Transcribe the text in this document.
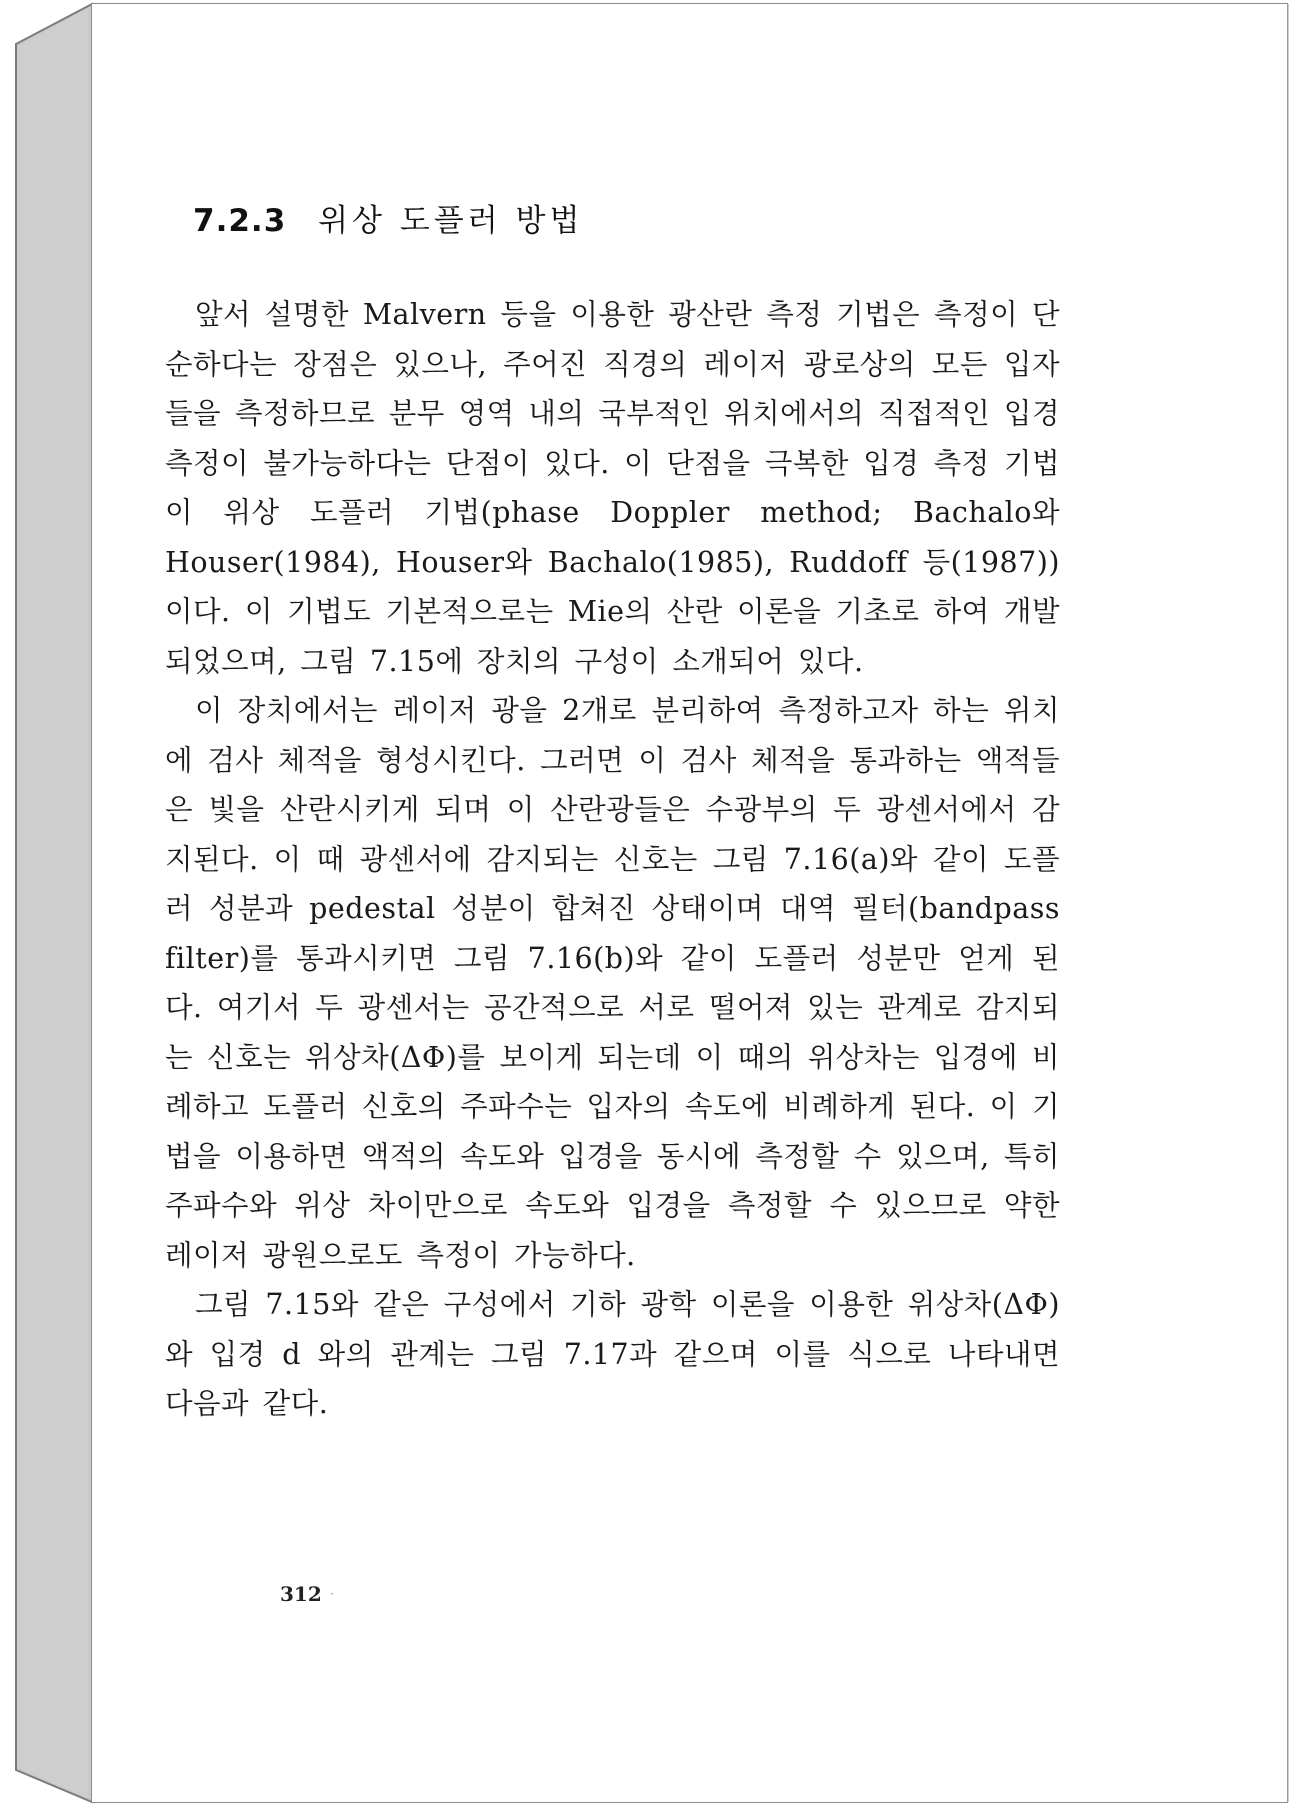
7.2.3 위상 도플러 방법

앞서 설명한 Malvern 등을 이용한 광산란 측정 기법은 측정이 단순하다는 장점은 있으나, 주어진 직경의 레이저 광로상의 모든 입자들을 측정하므로 분무 영역 내의 국부적인 위치에서의 직접적인 입경 측정이 불가능하다는 단점이 있다. 이 단점을 극복한 입경 측정 기법이 위상 도플러 기법(phase Doppler method; Bachalo와 Houser(1984), Houser와 Bachalo(1985), Ruddoff 등(1987))이다. 이 기법도 기본적으로는 Mie의 산란 이론을 기초로 하여 개발되었으며, 그림 7.15에 장치의 구성이 소개되어 있다.

이 장치에서는 레이저 광을 2개로 분리하여 측정하고자 하는 위치에 검사 체적을 형성시킨다. 그러면 이 검사 체적을 통과하는 액적들은 빛을 산란시키게 되며 이 산란광들은 수광부의 두 광센서에서 감지된다. 이 때 광센서에 감지되는 신호는 그림 7.16(a)와 같이 도플러 성분과 pedestal 성분이 합쳐진 상태이며 대역 필터(bandpass filter)를 통과시키면 그림 7.16(b)와 같이 도플러 성분만 얻게 된다. 여기서 두 광센서는 공간적으로 서로 떨어져 있는 관계로 감지되는 신호는 위상차(ΔΦ)를 보이게 되는데 이 때의 위상차는 입경에 비례하고 도플러 신호의 주파수는 입자의 속도에 비례하게 된다. 이 기법을 이용하면 액적의 속도와 입경을 동시에 측정할 수 있으며, 특히 주파수와 위상 차이만으로 속도와 입경을 측정할 수 있으므로 약한 레이저 광원으로도 측정이 가능하다.

그림 7.15와 같은 구성에서 기하 광학 이론을 이용한 위상차(ΔΦ)와 입경 d 와의 관계는 그림 7.17과 같으며 이를 식으로 나타내면 다음과 같다.

312 ·
